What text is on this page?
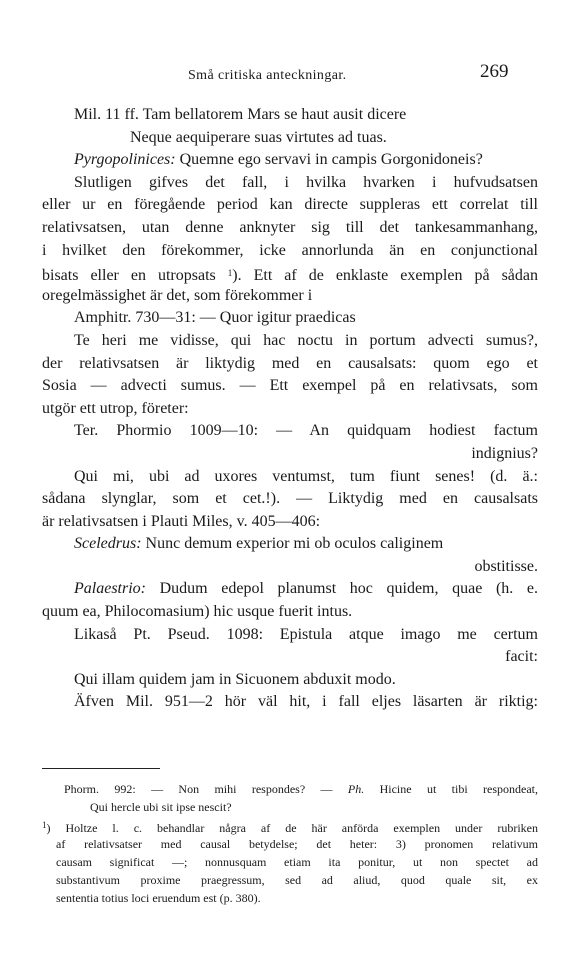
Små critiska anteckningar.	269
Mil. 11 ff. Tam bellatorem Mars se haut ausit dicere
Neque aequiperare suas virtutes ad tuas.
Pyrgopolinices: Quemne ego servavi in campis Gorgonidoneis?
Slutligen gifves det fall, i hvilka hvarken i hufvudsatsen
eller ur en föregående period kan directe suppleras ett correlat till
relativsatsen, utan denne anknyter sig till det tankesammanhang,
i hvilket den förekommer, icke annorlunda än en conjunctional
bisats eller en utropsats $^1$). Ett af de enklaste exemplen på sådan
oregelmässighet är det, som förekommer i
Amphitr. 730—31: — Quor igitur praedicas
Te heri me vidisse, qui hac noctu in portum advecti sumus?,
der relativsatsen är liktydig med en causalsats: quom ego et
Sosia — advecti sumus. — Ett exempel på en relativsats, som
utgör ett utrop, företer:
Ter. Phormio 1009—10: — An quidquam hodiest factum
indignius?
Qui mi, ubi ad uxores ventumst, tum fiunt senes! (d. ä.:
sådana slynglar, som et cet.!). — Liktydig med en causalsats
är relativsatsen i Plauti Miles, v. 405—406:
Sceledrus: Nunc demum experior mi ob oculos caliginem
obstitisse.
Palaestrio: Dudum edepol planumst hoc quidem, quae (h. e.
quum ea, Philocomasium) hic usque fuerit intus.
Likaså Pt. Pseud. 1098: Epistula atque imago me certum
facit:
Qui illam quidem jam in Sicuonem abduxit modo.
Äfven Mil. 951—2 hör väl hit, i fall eljes läsarten är riktig:
Phorm. 992: — Non mihi respondes? — Ph. Hicine ut tibi respondeat,
Qui hercle ubi sit ipse nescit?
$^1$) Holtze l. c. behandlar några af de här anförda exemplen under rubriken
af relativsatser med causal betydelse; det heter: 3) pronomen relativum
causam significat —; nonnusquam etiam ita ponitur, ut non spectet ad
substantivum proxime praegressum, sed ad aliud, quod quale sit, ex
sententia totius loci eruendum est (p. 380).
